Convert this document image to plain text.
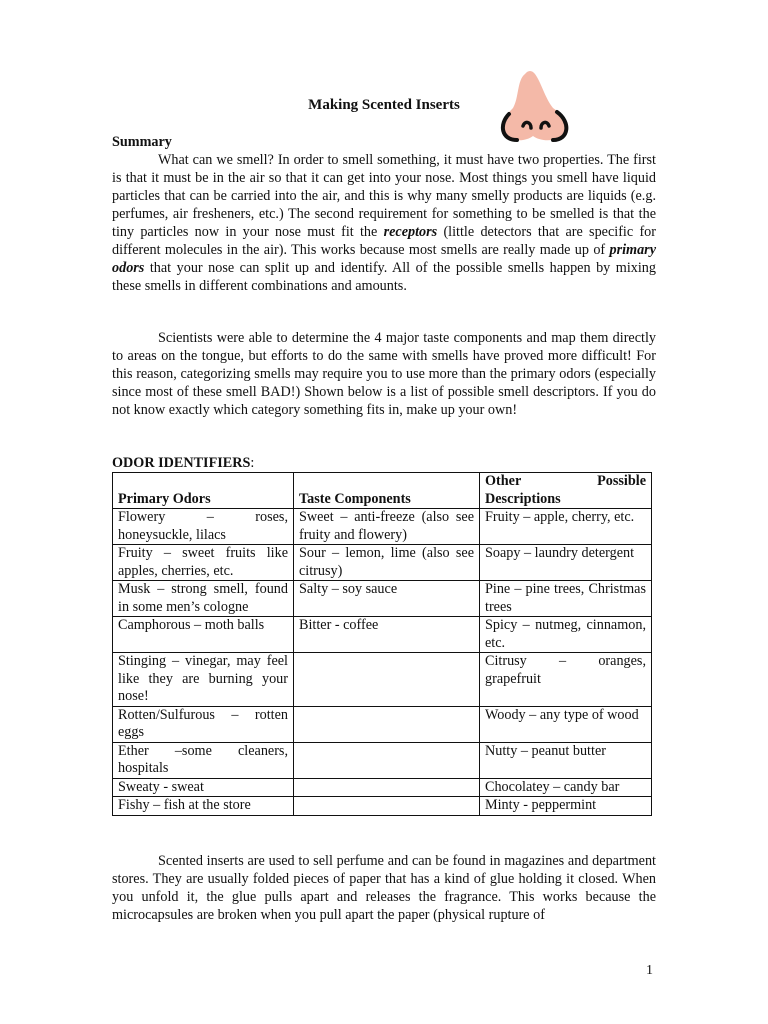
Making Scented Inserts
Summary

What can we smell? In order to smell something, it must have two properties. The first is that it must be in the air so that it can get into your nose. Most things you smell have liquid particles that can be carried into the air, and this is why many smelly products are liquids (e.g. perfumes, air fresheners, etc.) The second requirement for something to be smelled is that the tiny particles now in your nose must fit the receptors (little detectors that are specific for different molecules in the air). This works because most smells are really made up of primary odors that your nose can split up and identify. All of the possible smells happen by mixing these smells in different combinations and amounts.

Scientists were able to determine the 4 major taste components and map them directly to areas on the tongue, but efforts to do the same with smells have proved more difficult! For this reason, categorizing smells may require you to use more than the primary odors (especially since most of these smell BAD!) Shown below is a list of possible smell descriptors. If you do not know exactly which category something fits in, make up your own!

ODOR IDENTIFIERS:
Primary Odors	Taste Components	Other Possible Descriptions
Flowery – roses, honeysuckle, lilacs	Sweet – anti-freeze (also see fruity and flowery)	Fruity – apple, cherry, etc.
Fruity – sweet fruits like apples, cherries, etc.	Sour – lemon, lime (also see citrusy)	Soapy – laundry detergent
Musk – strong smell, found in some men’s cologne	Salty – soy sauce	Pine – pine trees, Christmas trees
Camphorous – moth balls	Bitter - coffee	Spicy – nutmeg, cinnamon, etc.
Stinging – vinegar, may feel like they are burning your nose!		Citrusy – oranges, grapefruit
Rotten/Sulfurous – rotten eggs		Woody – any type of wood
Ether –some cleaners, hospitals		Nutty – peanut butter
Sweaty - sweat		Chocolatey – candy bar
Fishy – fish at the store		Minty - peppermint

Scented inserts are used to sell perfume and can be found in magazines and department stores. They are usually folded pieces of paper that has a kind of glue holding it closed. When you unfold it, the glue pulls apart and releases the fragrance. This works because the microcapsules are broken when you pull apart the paper (physical rupture of

1
